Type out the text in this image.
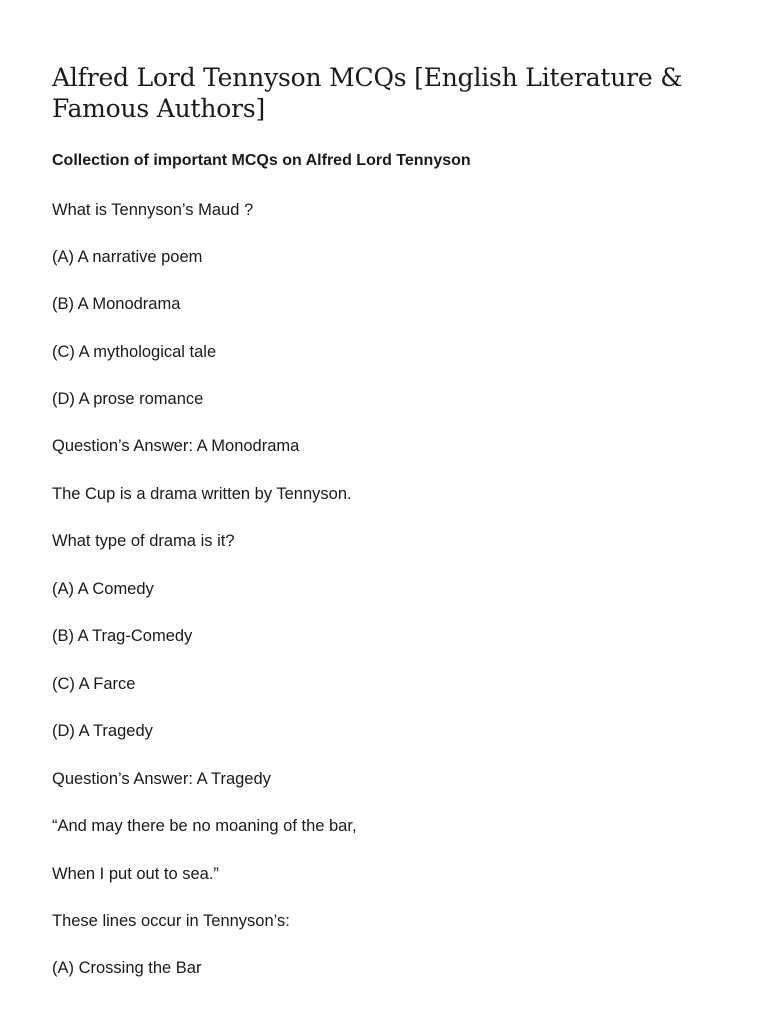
Alfred Lord Tennyson MCQs [English Literature & Famous Authors]

Collection of important MCQs on Alfred Lord Tennyson

What is Tennyson’s Maud ?

(A) A narrative poem

(B) A Monodrama

(C) A mythological tale

(D) A prose romance

Question’s Answer: A Monodrama

The Cup is a drama written by Tennyson.

What type of drama is it?

(A) A Comedy

(B) A Trag-Comedy

(C) A Farce

(D) A Tragedy

Question’s Answer: A Tragedy

“And may there be no moaning of the bar,

When I put out to sea.”

These lines occur in Tennyson’s:

(A) Crossing the Bar
